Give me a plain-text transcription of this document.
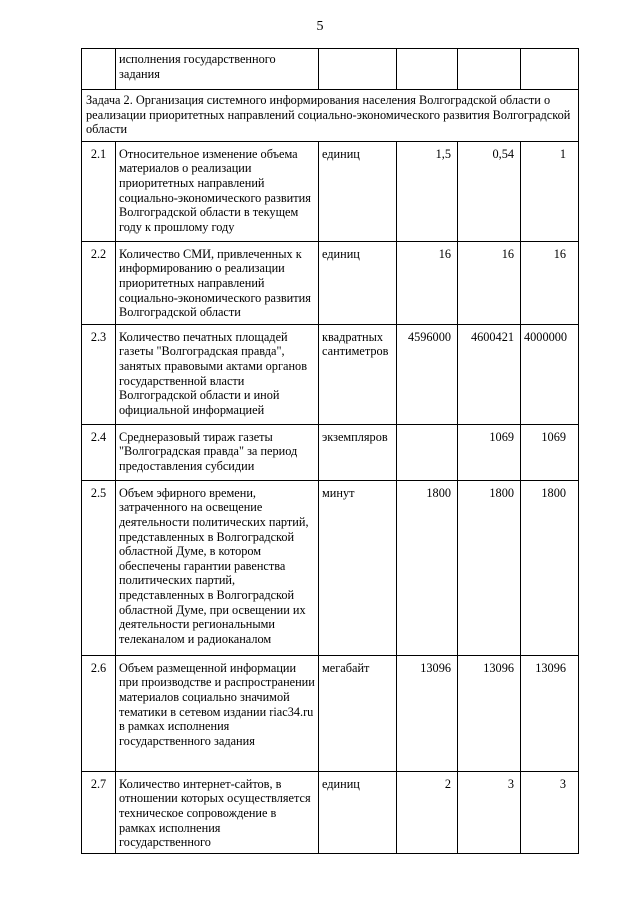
5
	исполнения государственного задания				
Задача 2. Организация системного информирования населения Волгоградской области о реализации приоритетных направлений социально-экономического развития Волгоградской области					
2.1	Относительное изменение объема материалов о реализации приоритетных направлений социально-экономического развития Волгоградской области в текущем году к прошлому году	единиц	1,5	0,54	1
2.2	Количество СМИ, привлеченных к информированию о реализации приоритетных направлений социально-экономического развития Волгоградской области	единиц	16	16	16
2.3	Количество печатных площадей газеты "Волгоградская правда", занятых правовыми актами органов государственной власти Волгоградской области и иной официальной информацией	квадратных сантиметров	4596000	4600421	4000000
2.4	Среднеразовый тираж газеты "Волгоградская правда" за период предоставления субсидии	экземпляров		1069	1069
2.5	Объем эфирного времени, затраченного на освещение деятельности политических партий, представленных в Волгоградской областной Думе, в котором обеспечены гарантии равенства политических партий, представленных в Волгоградской областной Думе, при освещении их деятельности региональными телеканалом и радиоканалом	минут	1800	1800	1800
2.6	Объем размещенной информации при производстве и распространении материалов социально значимой тематики в сетевом издании riac34.ru в рамках исполнения государственного задания	мегабайт	13096	13096	13096
2.7	Количество интернет-сайтов, в отношении которых осуществляется техническое сопровождение в рамках исполнения государственного	единиц	2	3	3
